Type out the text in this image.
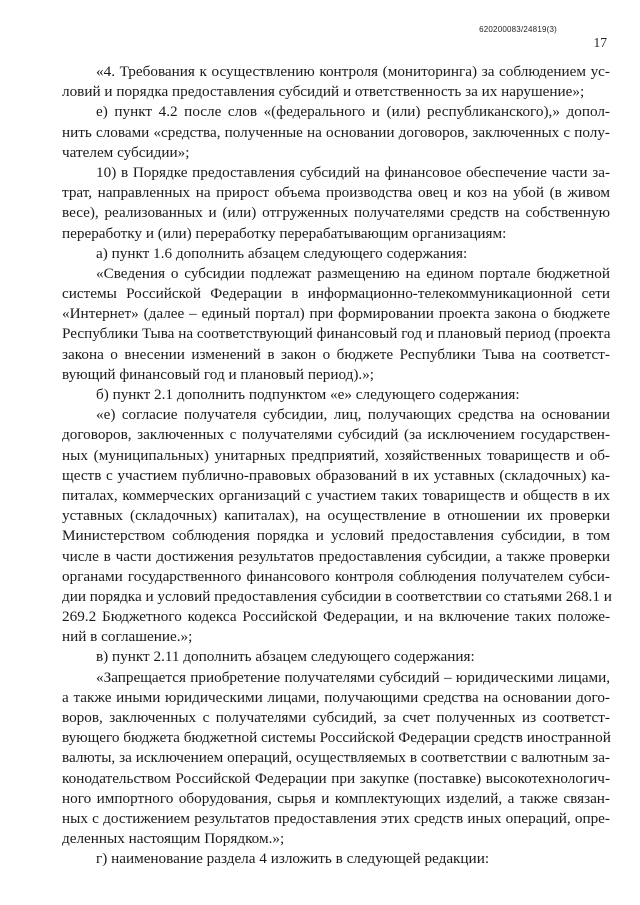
620200083/24819(3)
17
«4. Требования к осуществлению контроля (мониторинга) за соблюдением ус-
ловий и порядка предоставления субсидий и ответственность за их нарушение»;
е) пункт 4.2 после слов «(федерального и (или) республиканского),» допол-
нить словами «средства, полученные на основании договоров, заключенных с полу-
чателем субсидии»;
10) в Порядке предоставления субсидий на финансовое обеспечение части за-
трат, направленных на прирост объема производства овец и коз на убой (в живом
весе), реализованных и (или) отгруженных получателями средств на собственную
переработку и (или) переработку перерабатывающим организациям:
а) пункт 1.6 дополнить абзацем следующего содержания:
«Сведения о субсидии подлежат размещению на едином портале бюджетной
системы Российской Федерации в информационно-телекоммуникационной сети
«Интернет» (далее – единый портал) при формировании проекта закона о бюджете
Республики Тыва на соответствующий финансовый год и плановый период (проекта
закона о внесении изменений в закон о бюджете Республики Тыва на соответст-
вующий финансовый год и плановый период).»;
б) пункт 2.1 дополнить подпунктом «е» следующего содержания:
«е) согласие получателя субсидии, лиц, получающих средства на основании
договоров, заключенных с получателями субсидий (за исключением государствен-
ных (муниципальных) унитарных предприятий, хозяйственных товариществ и об-
ществ с участием публично-правовых образований в их уставных (складочных) ка-
питалах, коммерческих организаций с участием таких товариществ и обществ в их
уставных (складочных) капиталах), на осуществление в отношении их проверки
Министерством соблюдения порядка и условий предоставления субсидии, в том
числе в части достижения результатов предоставления субсидии, а также проверки
органами государственного финансового контроля соблюдения получателем субси-
дии порядка и условий предоставления субсидии в соответствии со статьями 268.1 и
269.2 Бюджетного кодекса Российской Федерации, и на включение таких положе-
ний в соглашение.»;
в) пункт 2.11 дополнить абзацем следующего содержания:
«Запрещается приобретение получателями субсидий – юридическими лицами,
а также иными юридическими лицами, получающими средства на основании дого-
воров, заключенных с получателями субсидий, за счет полученных из соответст-
вующего бюджета бюджетной системы Российской Федерации средств иностранной
валюты, за исключением операций, осуществляемых в соответствии с валютным за-
конодательством Российской Федерации при закупке (поставке) высокотехнологич-
ного импортного оборудования, сырья и комплектующих изделий, а также связан-
ных с достижением результатов предоставления этих средств иных операций, опре-
деленных настоящим Порядком.»;
г) наименование раздела 4 изложить в следующей редакции:
